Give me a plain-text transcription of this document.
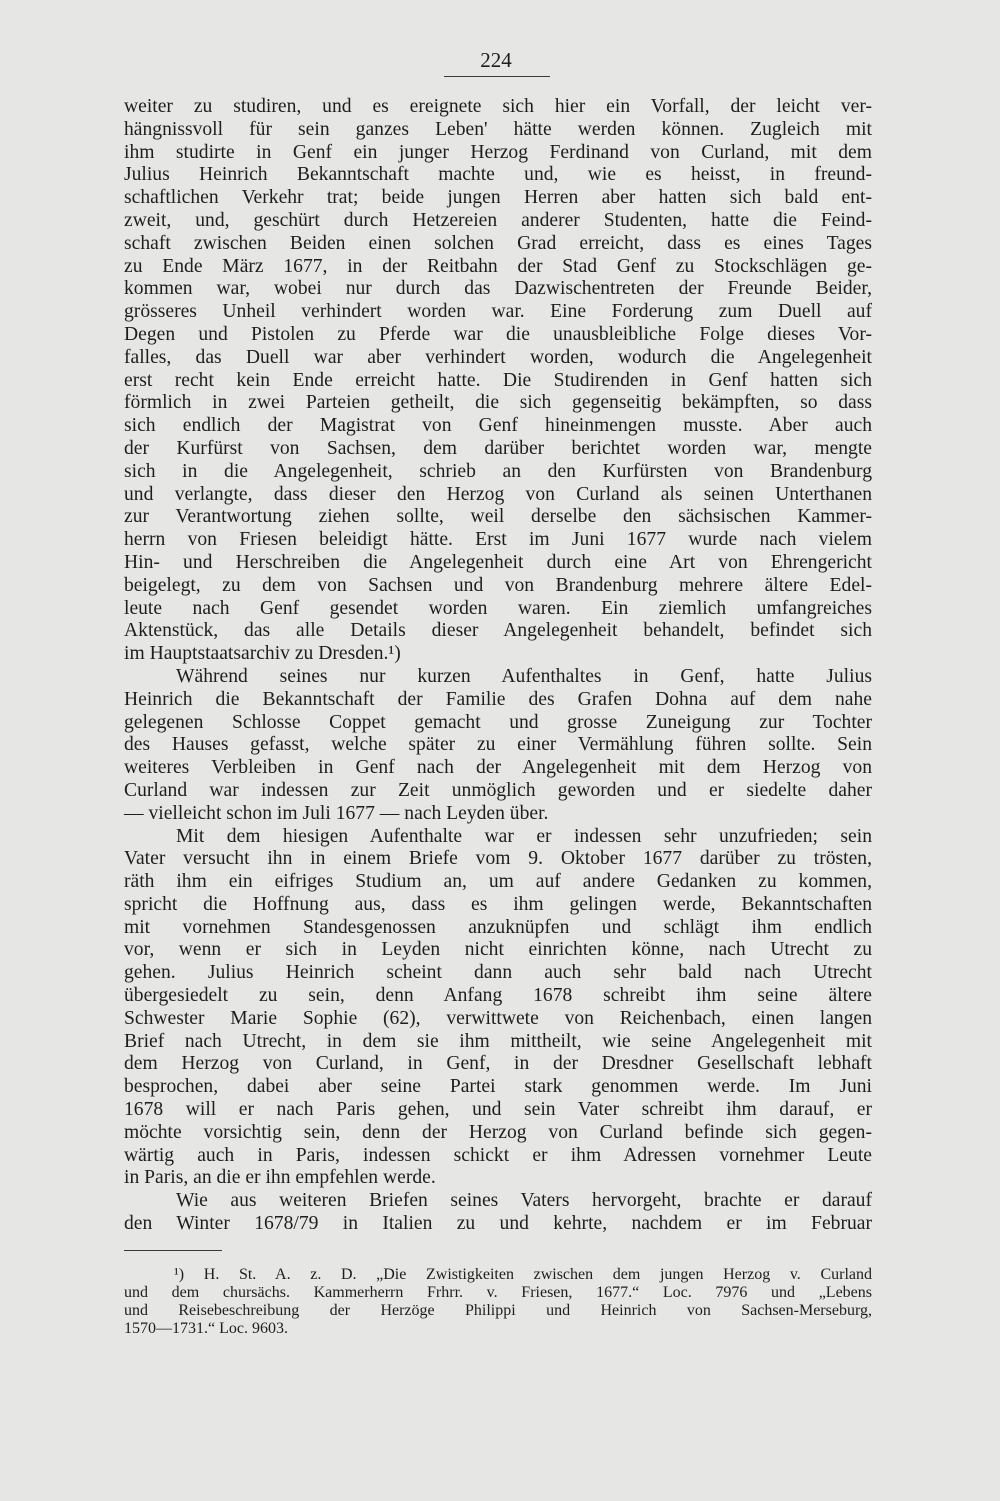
224
weiter zu studiren, und es ereignete sich hier ein Vorfall, der leicht ver-
hängnissvoll für sein ganzes Leben' hätte werden können. Zugleich mit
ihm studirte in Genf ein junger Herzog Ferdinand von Curland, mit dem
Julius Heinrich Bekanntschaft machte und, wie es heisst, in freund-
schaftlichen Verkehr trat; beide jungen Herren aber hatten sich bald ent-
zweit, und, geschürt durch Hetzereien anderer Studenten, hatte die Feind-
schaft zwischen Beiden einen solchen Grad erreicht, dass es eines Tages
zu Ende März 1677, in der Reitbahn der Stad Genf zu Stockschlägen ge-
kommen war, wobei nur durch das Dazwischentreten der Freunde Beider,
grösseres Unheil verhindert worden war. Eine Forderung zum Duell auf
Degen und Pistolen zu Pferde war die unausbleibliche Folge dieses Vor-
falles, das Duell war aber verhindert worden, wodurch die Angelegenheit
erst recht kein Ende erreicht hatte. Die Studirenden in Genf hatten sich
förmlich in zwei Parteien getheilt, die sich gegenseitig bekämpften, so dass
sich endlich der Magistrat von Genf hineinmengen musste. Aber auch
der Kurfürst von Sachsen, dem darüber berichtet worden war, mengte
sich in die Angelegenheit, schrieb an den Kurfürsten von Brandenburg
und verlangte, dass dieser den Herzog von Curland als seinen Unterthanen
zur Verantwortung ziehen sollte, weil derselbe den sächsischen Kammer-
herrn von Friesen beleidigt hätte. Erst im Juni 1677 wurde nach vielem
Hin- und Herschreiben die Angelegenheit durch eine Art von Ehrengericht
beigelegt, zu dem von Sachsen und von Brandenburg mehrere ältere Edel-
leute nach Genf gesendet worden waren. Ein ziemlich umfangreiches
Aktenstück, das alle Details dieser Angelegenheit behandelt, befindet sich
im Hauptstaatsarchiv zu Dresden.¹)
Während seines nur kurzen Aufenthaltes in Genf, hatte Julius
Heinrich die Bekanntschaft der Familie des Grafen Dohna auf dem nahe
gelegenen Schlosse Coppet gemacht und grosse Zuneigung zur Tochter
des Hauses gefasst, welche später zu einer Vermählung führen sollte. Sein
weiteres Verbleiben in Genf nach der Angelegenheit mit dem Herzog von
Curland war indessen zur Zeit unmöglich geworden und er siedelte daher
— vielleicht schon im Juli 1677 — nach Leyden über.
Mit dem hiesigen Aufenthalte war er indessen sehr unzufrieden; sein
Vater versucht ihn in einem Briefe vom 9. Oktober 1677 darüber zu trösten,
räth ihm ein eifriges Studium an, um auf andere Gedanken zu kommen,
spricht die Hoffnung aus, dass es ihm gelingen werde, Bekanntschaften
mit vornehmen Standesgenossen anzuknüpfen und schlägt ihm endlich
vor, wenn er sich in Leyden nicht einrichten könne, nach Utrecht zu
gehen. Julius Heinrich scheint dann auch sehr bald nach Utrecht
übergesiedelt zu sein, denn Anfang 1678 schreibt ihm seine ältere
Schwester Marie Sophie (62), verwittwete von Reichenbach, einen langen
Brief nach Utrecht, in dem sie ihm mittheilt, wie seine Angelegenheit mit
dem Herzog von Curland, in Genf, in der Dresdner Gesellschaft lebhaft
besprochen, dabei aber seine Partei stark genommen werde. Im Juni
1678 will er nach Paris gehen, und sein Vater schreibt ihm darauf, er
möchte vorsichtig sein, denn der Herzog von Curland befinde sich gegen-
wärtig auch in Paris, indessen schickt er ihm Adressen vornehmer Leute
in Paris, an die er ihn empfehlen werde.
Wie aus weiteren Briefen seines Vaters hervorgeht, brachte er darauf
den Winter 1678/79 in Italien zu und kehrte, nachdem er im Februar
¹) H. St. A. z. D. „Die Zwistigkeiten zwischen dem jungen Herzog v. Curland
und dem chursächs. Kammerherrn Frhrr. v. Friesen, 1677.“ Loc. 7976 und „Lebens
und Reisebeschreibung der Herzöge Philippi und Heinrich von Sachsen-Merseburg,
1570—1731.“ Loc. 9603.
